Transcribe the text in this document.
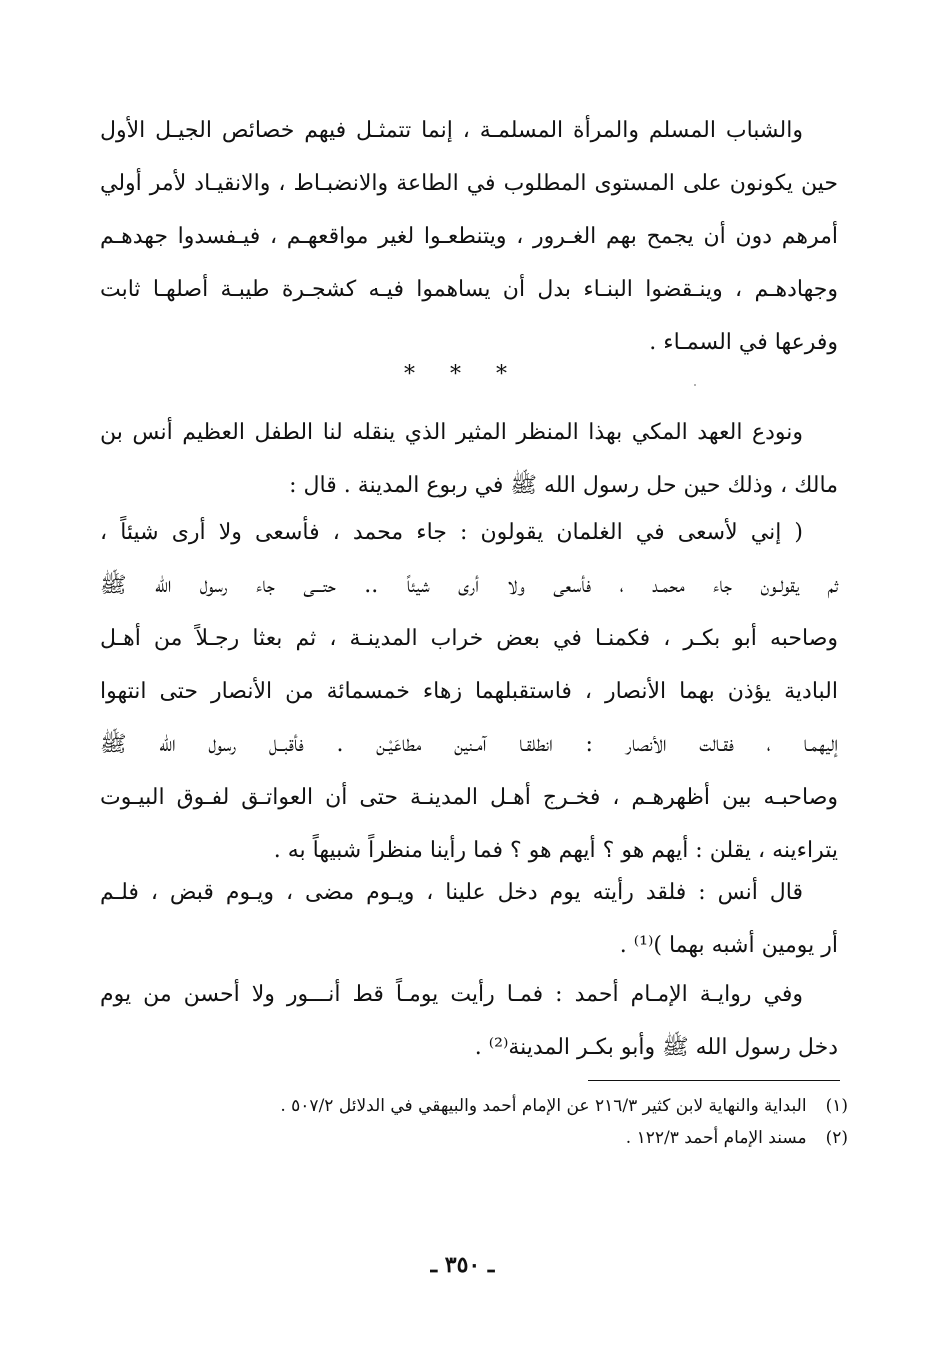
والشباب المسلم والمرأة المسلمـة ، إنما تتمثـل فيهم خصائص الجيـل الأول
حين يكونون على المستوى المطلوب في الطاعة والانضبـاط ، والانقيـاد لأمر أولي
أمرهم دون أن يجمح بهم الغـرور ، ويتنطعـوا لغير مواقعهـم ، فيـفسدوا جهدهـم
وجهادهـم ، وينـقضوا البنـاء بدل أن يساهموا فيـه كشجـرة طيبـة أصلهـا ثابت
وفرعها في السمـاء .
* * *
ونودع العهد المكي بهذا المنظر المثير الذي ينقله لنا الطفل العظيم أنس بن
مالك ، وذلك حين حل رسول الله ﷺ في ربوع المدينة . قال :
( إني لأسعى في الغلمان يقولون : جاء محمد ، فأسعى ولا أرى شيئاً ،
ثم يقولـون جاء محمـد ، فأسعى ولا أرى شيئاً .. حتـــى جاء رسول الله ﷺ
وصاحبه أبو بكـر ، فكمنـا في بعض خراب المدينـة ، ثم بعثا رجـلاً من أهـل
البادية يؤذن بهما الأنصار ، فاستقبلهما زهاء خمسمائة من الأنصار حتى انتهوا
إليهمـا ، فقـالت الأنصار : انطلقـا آمـنين مطاعَيْـن . فأقبــل رسول الله ﷺ
وصاحبـه بين أظهرهـم ، فخـرج أهـل المدينـة حتى أن العواتـق لفـوق البيـوت
يتراءينه ، يقلن : أيهم هو ؟ أيهم هو ؟ فما رأينا منظراً شبيهاً به .
قال أنس : فلقد رأيته يوم دخل علينا ، ويـوم مضى ، ويـوم قبض ، فلـم
أر يومين أشبه بهما )⁽¹⁾ .
وفي روايـة الإمـام أحمد : فمـا رأيت يومـاً قط أنـــور ولا أحسن من يوم
دخل رسول الله ﷺ وأبو بكـر المدينة⁽²⁾ .
(١) البداية والنهاية لابن كثير ٢١٦/٣ عن الإمام أحمد والبيهقي في الدلائل ٥٠٧/٢ .
(٢) مسند الإمام أحمد ١٢٢/٣ .
ـ ٣٥٠ ـ
